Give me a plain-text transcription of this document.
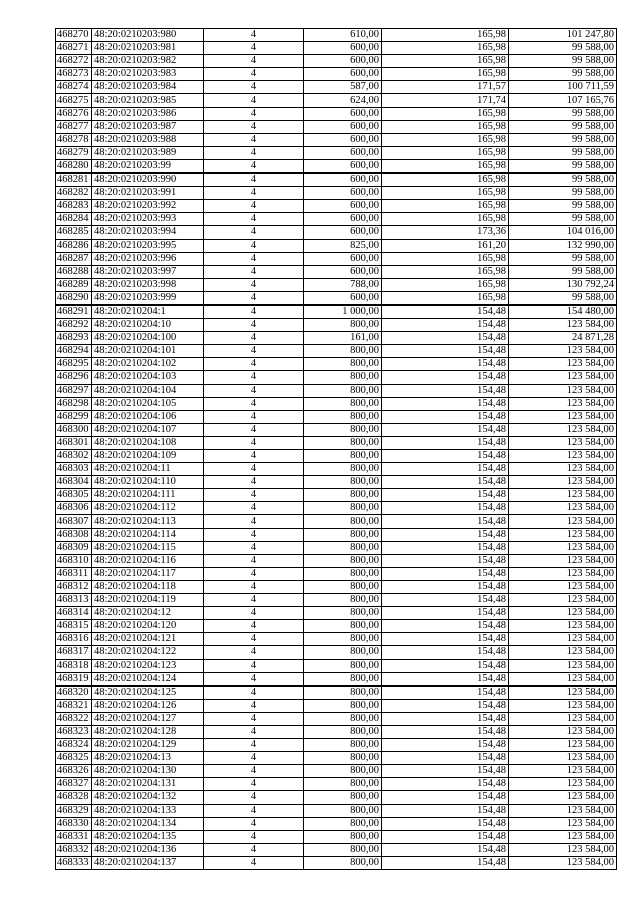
468270	48:20:0210203:980	4	610,00	165,98	101 247,80
468271	48:20:0210203:981	4	600,00	165,98	99 588,00
468272	48:20:0210203:982	4	600,00	165,98	99 588,00
468273	48:20:0210203:983	4	600,00	165,98	99 588,00
468274	48:20:0210203:984	4	587,00	171,57	100 711,59
468275	48:20:0210203:985	4	624,00	171,74	107 165,76
468276	48:20:0210203:986	4	600,00	165,98	99 588,00
468277	48:20:0210203:987	4	600,00	165,98	99 588,00
468278	48:20:0210203:988	4	600,00	165,98	99 588,00
468279	48:20:0210203:989	4	600,00	165,98	99 588,00
468280	48:20:0210203:99	4	600,00	165,98	99 588,00
468281	48:20:0210203:990	4	600,00	165,98	99 588,00
468282	48:20:0210203:991	4	600,00	165,98	99 588,00
468283	48:20:0210203:992	4	600,00	165,98	99 588,00
468284	48:20:0210203:993	4	600,00	165,98	99 588,00
468285	48:20:0210203:994	4	600,00	173,36	104 016,00
468286	48:20:0210203:995	4	825,00	161,20	132 990,00
468287	48:20:0210203:996	4	600,00	165,98	99 588,00
468288	48:20:0210203:997	4	600,00	165,98	99 588,00
468289	48:20:0210203:998	4	788,00	165,98	130 792,24
468290	48:20:0210203:999	4	600,00	165,98	99 588,00
468291	48:20:0210204:1	4	1 000,00	154,48	154 480,00
468292	48:20:0210204:10	4	800,00	154,48	123 584,00
468293	48:20:0210204:100	4	161,00	154,48	24 871,28
468294	48:20:0210204:101	4	800,00	154,48	123 584,00
468295	48:20:0210204:102	4	800,00	154,48	123 584,00
468296	48:20:0210204:103	4	800,00	154,48	123 584,00
468297	48:20:0210204:104	4	800,00	154,48	123 584,00
468298	48:20:0210204:105	4	800,00	154,48	123 584,00
468299	48:20:0210204:106	4	800,00	154,48	123 584,00
468300	48:20:0210204:107	4	800,00	154,48	123 584,00
468301	48:20:0210204:108	4	800,00	154,48	123 584,00
468302	48:20:0210204:109	4	800,00	154,48	123 584,00
468303	48:20:0210204:11	4	800,00	154,48	123 584,00
468304	48:20:0210204:110	4	800,00	154,48	123 584,00
468305	48:20:0210204:111	4	800,00	154,48	123 584,00
468306	48:20:0210204:112	4	800,00	154,48	123 584,00
468307	48:20:0210204:113	4	800,00	154,48	123 584,00
468308	48:20:0210204:114	4	800,00	154,48	123 584,00
468309	48:20:0210204:115	4	800,00	154,48	123 584,00
468310	48:20:0210204:116	4	800,00	154,48	123 584,00
468311	48:20:0210204:117	4	800,00	154,48	123 584,00
468312	48:20:0210204:118	4	800,00	154,48	123 584,00
468313	48:20:0210204:119	4	800,00	154,48	123 584,00
468314	48:20:0210204:12	4	800,00	154,48	123 584,00
468315	48:20:0210204:120	4	800,00	154,48	123 584,00
468316	48:20:0210204:121	4	800,00	154,48	123 584,00
468317	48:20:0210204:122	4	800,00	154,48	123 584,00
468318	48:20:0210204:123	4	800,00	154,48	123 584,00
468319	48:20:0210204:124	4	800,00	154,48	123 584,00
468320	48:20:0210204:125	4	800,00	154,48	123 584,00
468321	48:20:0210204:126	4	800,00	154,48	123 584,00
468322	48:20:0210204:127	4	800,00	154,48	123 584,00
468323	48:20:0210204:128	4	800,00	154,48	123 584,00
468324	48:20:0210204:129	4	800,00	154,48	123 584,00
468325	48:20:0210204:13	4	800,00	154,48	123 584,00
468326	48:20:0210204:130	4	800,00	154,48	123 584,00
468327	48:20:0210204:131	4	800,00	154,48	123 584,00
468328	48:20:0210204:132	4	800,00	154,48	123 584,00
468329	48:20:0210204:133	4	800,00	154,48	123 584,00
468330	48:20:0210204:134	4	800,00	154,48	123 584,00
468331	48:20:0210204:135	4	800,00	154,48	123 584,00
468332	48:20:0210204:136	4	800,00	154,48	123 584,00
468333	48:20:0210204:137	4	800,00	154,48	123 584,00
